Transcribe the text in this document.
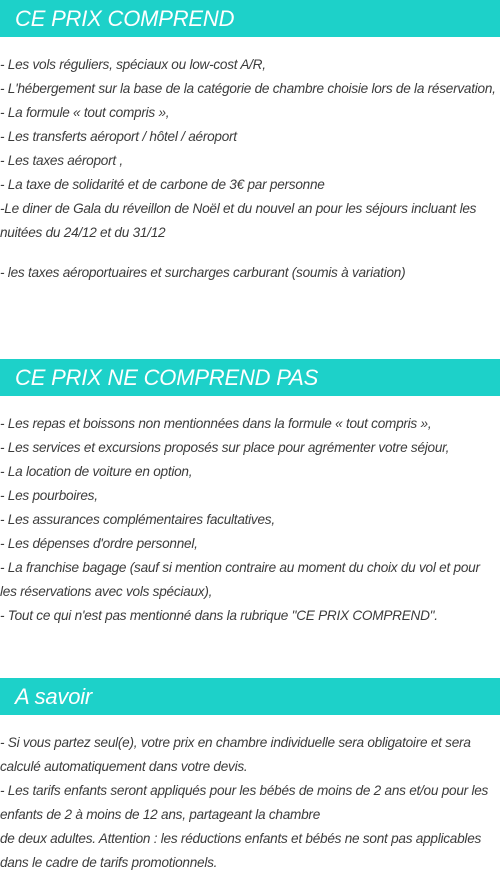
CE PRIX COMPREND
- Les vols réguliers, spéciaux ou low-cost A/R,
- L'hébergement sur la base de la catégorie de chambre choisie lors de la réservation,
- La formule « tout compris »,
- Les transferts aéroport / hôtel / aéroport
- Les taxes aéroport ,
- La taxe de solidarité et de carbone de 3€ par personne
-Le diner de Gala du réveillon de Noël et du nouvel an pour les séjours incluant les nuitées du 24/12 et du 31/12
- les taxes aéroportuaires et surcharges carburant (soumis à variation)
CE PRIX NE COMPREND PAS
- Les repas et boissons non mentionnées dans la formule « tout compris »,
- Les services et excursions proposés sur place pour agrémenter votre séjour,
- La location de voiture en option,
- Les pourboires,
- Les assurances complémentaires facultatives,
- Les dépenses d'ordre personnel,
- La franchise bagage (sauf si mention contraire au moment du choix du vol et pour les réservations avec vols spéciaux),
- Tout ce qui n'est pas mentionné dans la rubrique "CE PRIX COMPREND".
A savoir
- Si vous partez seul(e), votre prix en chambre individuelle sera obligatoire et sera calculé automatiquement dans votre devis.
- Les tarifs enfants seront appliqués pour les bébés de moins de 2 ans et/ou pour les enfants de 2 à moins de 12 ans, partageant la chambre
de deux adultes. Attention : les réductions enfants et bébés ne sont pas applicables dans le cadre de tarifs promotionnels.
